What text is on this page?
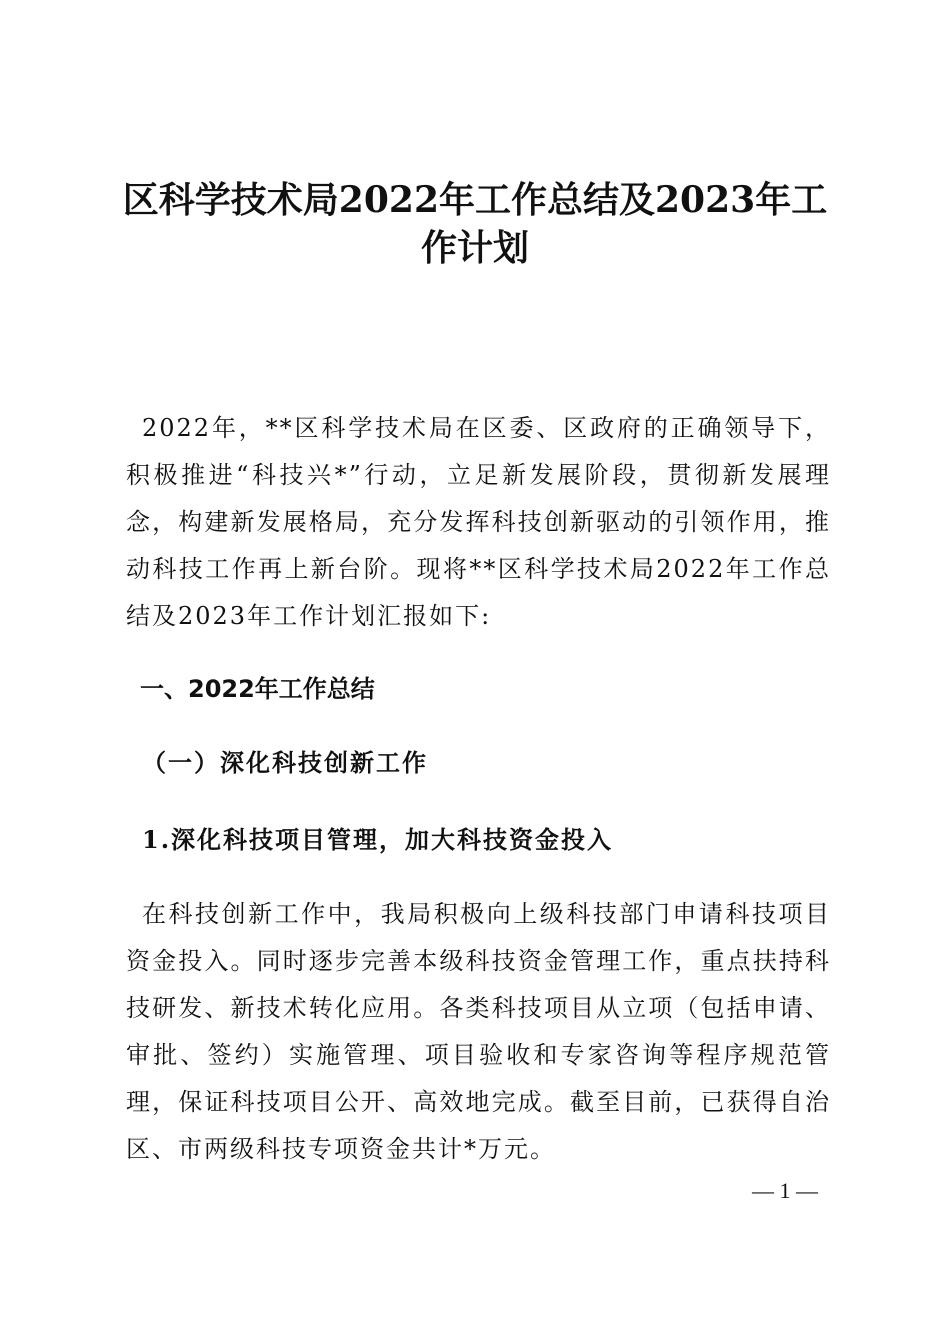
区科学技术局2022年工作总结及2023年工作计划

2022年，**区科学技术局在区委、区政府的正确领导下，积极推进“科技兴*”行动，立足新发展阶段，贯彻新发展理念，构建新发展格局，充分发挥科技创新驱动的引领作用，推动科技工作再上新台阶。现将**区科学技术局2022年工作总结及2023年工作计划汇报如下:

一、2022年工作总结
（一）深化科技创新工作
1.深化科技项目管理，加大科技资金投入

在科技创新工作中，我局积极向上级科技部门申请科技项目资金投入。同时逐步完善本级科技资金管理工作，重点扶持科技研发、新技术转化应用。各类科技项目从立项（包括申请、审批、签约）实施管理、项目验收和专家咨询等程序规范管理，保证科技项目公开、高效地完成。截至目前，已获得自治区、市两级科技专项资金共计*万元。

— 1 —
